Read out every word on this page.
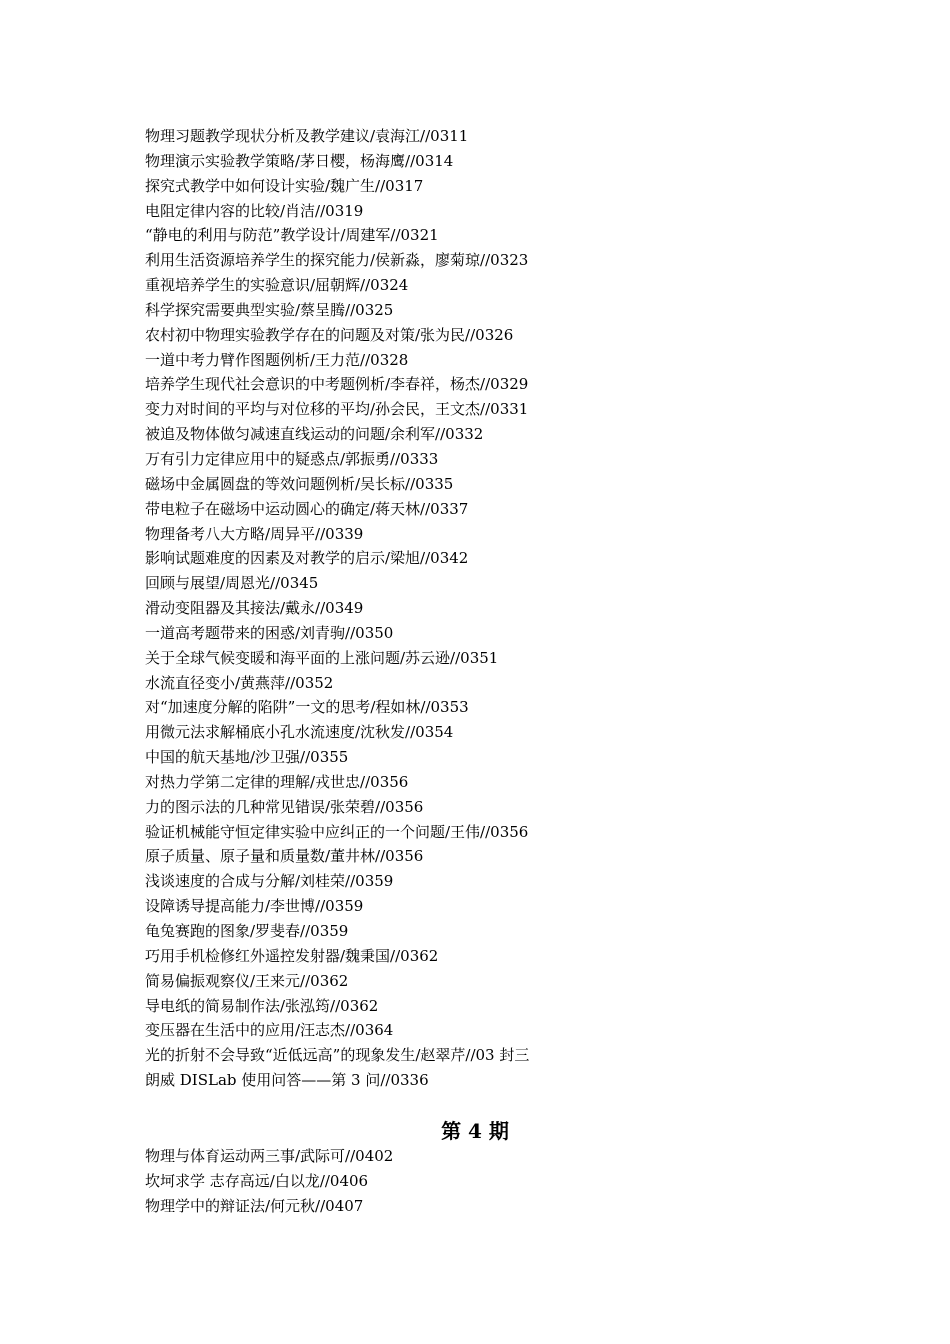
物理习题教学现状分析及教学建议/袁海江//0311
物理演示实验教学策略/茅日樱，杨海鹰//0314
探究式教学中如何设计实验/魏广生//0317
电阻定律内容的比较/肖洁//0319
“静电的利用与防范”教学设计/周建军//0321
利用生活资源培养学生的探究能力/侯新淼，廖菊琼//0323
重视培养学生的实验意识/屈朝辉//0324
科学探究需要典型实验/蔡呈腾//0325
农村初中物理实验教学存在的问题及对策/张为民//0326
一道中考力臂作图题例析/王力范//0328
培养学生现代社会意识的中考题例析/李春祥，杨杰//0329
变力对时间的平均与对位移的平均/孙会民，王文杰//0331
被追及物体做匀减速直线运动的问题/余利军//0332
万有引力定律应用中的疑惑点/郭振勇//0333
磁场中金属圆盘的等效问题例析/吴长标//0335
带电粒子在磁场中运动圆心的确定/蒋天林//0337
物理备考八大方略/周异平//0339
影响试题难度的因素及对教学的启示/梁旭//0342
回顾与展望/周恩光//0345
滑动变阻器及其接法/戴永//0349
一道高考题带来的困惑/刘青驹//0350
关于全球气候变暖和海平面的上涨问题/苏云逊//0351
水流直径变小/黄燕萍//0352
对“加速度分解的陷阱”一文的思考/程如林//0353
用微元法求解桶底小孔水流速度/沈秋发//0354
中国的航天基地/沙卫强//0355
对热力学第二定律的理解/戎世忠//0356
力的图示法的几种常见错误/张荣碧//0356
验证机械能守恒定律实验中应纠正的一个问题/王伟//0356
原子质量、原子量和质量数/董井林//0356
浅谈速度的合成与分解/刘桂荣//0359
设障诱导提高能力/李世博//0359
龟兔赛跑的图象/罗斐春//0359
巧用手机检修红外遥控发射器/魏秉国//0362
简易偏振观察仪/王来元//0362
导电纸的简易制作法/张泓筠//0362
变压器在生活中的应用/汪志杰//0364
光的折射不会导致“近低远高”的现象发生/赵翠芹//03 封三
朗威 DISLab 使用问答——第 3 问//0336
第 4 期
物理与体育运动两三事/武际可//0402
坎坷求学 志存高远/白以龙//0406
物理学中的辩证法/何元秋//0407
